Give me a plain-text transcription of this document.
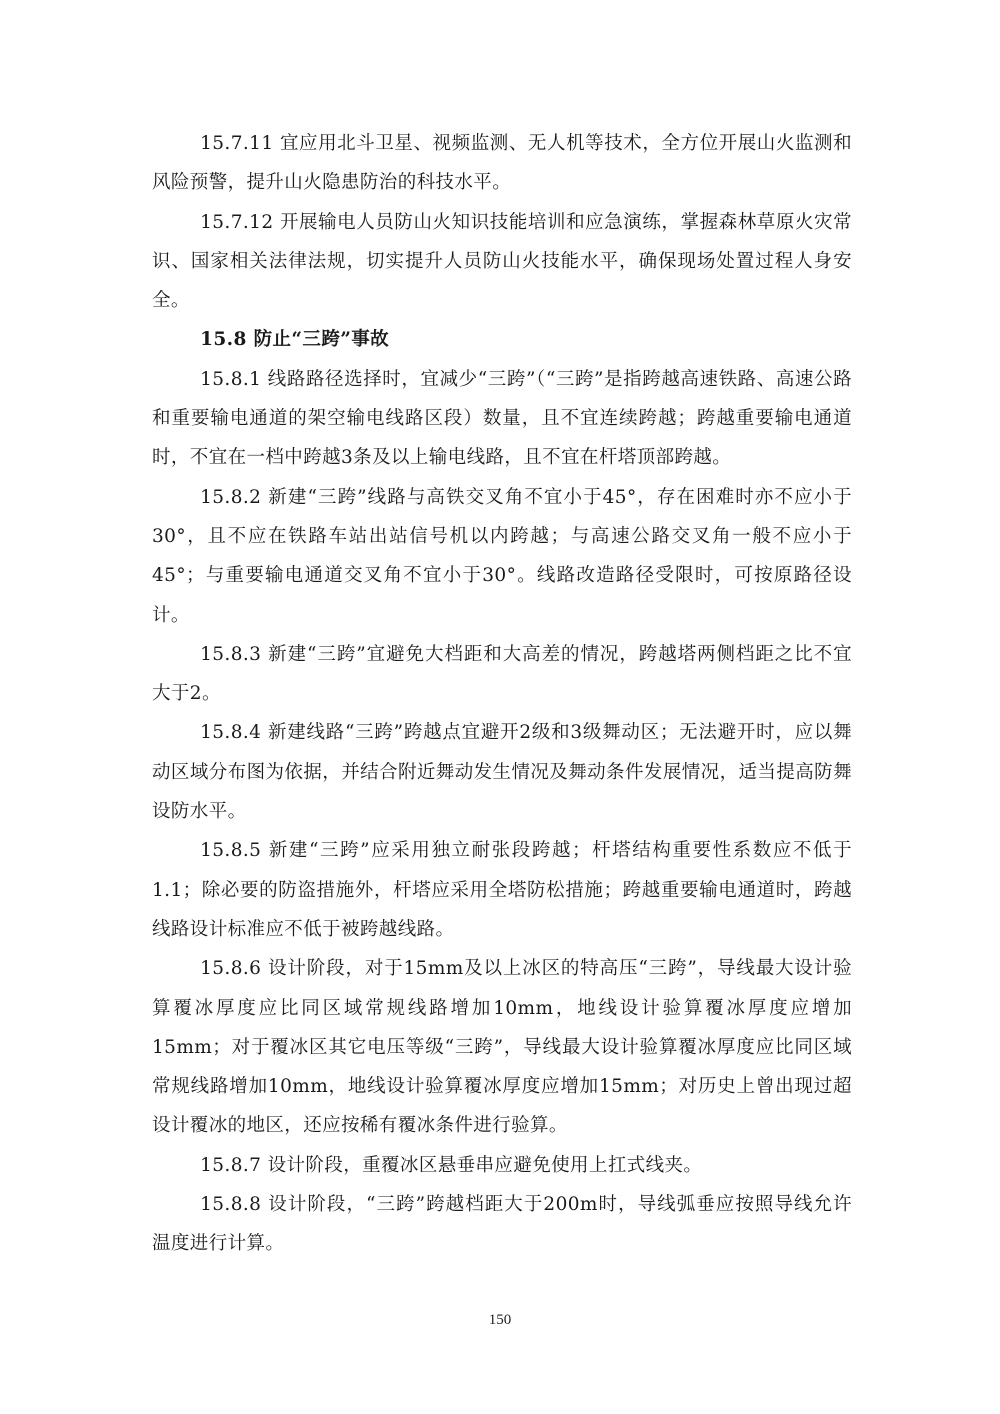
15.7.11 宜应用北斗卫星、视频监测、无人机等技术，全方位开展山火监测和风险预警，提升山火隐患防治的科技水平。

15.7.12 开展输电人员防山火知识技能培训和应急演练，掌握森林草原火灾常识、国家相关法律法规，切实提升人员防山火技能水平，确保现场处置过程人身安全。

15.8 防止“三跨”事故

15.8.1 线路路径选择时，宜减少“三跨”（“三跨”是指跨越高速铁路、高速公路和重要输电通道的架空输电线路区段）数量，且不宜连续跨越；跨越重要输电通道时，不宜在一档中跨越3条及以上输电线路，且不宜在杆塔顶部跨越。

15.8.2 新建“三跨”线路与高铁交叉角不宜小于45°，存在困难时亦不应小于30°，且不应在铁路车站出站信号机以内跨越；与高速公路交叉角一般不应小于45°；与重要输电通道交叉角不宜小于30°。线路改造路径受限时，可按原路径设计。

15.8.3 新建“三跨”宜避免大档距和大高差的情况，跨越塔两侧档距之比不宜大于2。

15.8.4 新建线路“三跨”跨越点宜避开2级和3级舞动区；无法避开时，应以舞动区域分布图为依据，并结合附近舞动发生情况及舞动条件发展情况，适当提高防舞设防水平。

15.8.5 新建“三跨”应采用独立耐张段跨越；杆塔结构重要性系数应不低于1.1；除必要的防盗措施外，杆塔应采用全塔防松措施；跨越重要输电通道时，跨越线路设计标准应不低于被跨越线路。

15.8.6 设计阶段，对于15mm及以上冰区的特高压“三跨”，导线最大设计验算覆冰厚度应比同区域常规线路增加10mm，地线设计验算覆冰厚度应增加15mm；对于覆冰区其它电压等级“三跨”，导线最大设计验算覆冰厚度应比同区域常规线路增加10mm，地线设计验算覆冰厚度应增加15mm；对历史上曾出现过超设计覆冰的地区，还应按稀有覆冰条件进行验算。

15.8.7 设计阶段，重覆冰区悬垂串应避免使用上扛式线夹。

15.8.8 设计阶段，“三跨”跨越档距大于200m时，导线弧垂应按照导线允许温度进行计算。

150
